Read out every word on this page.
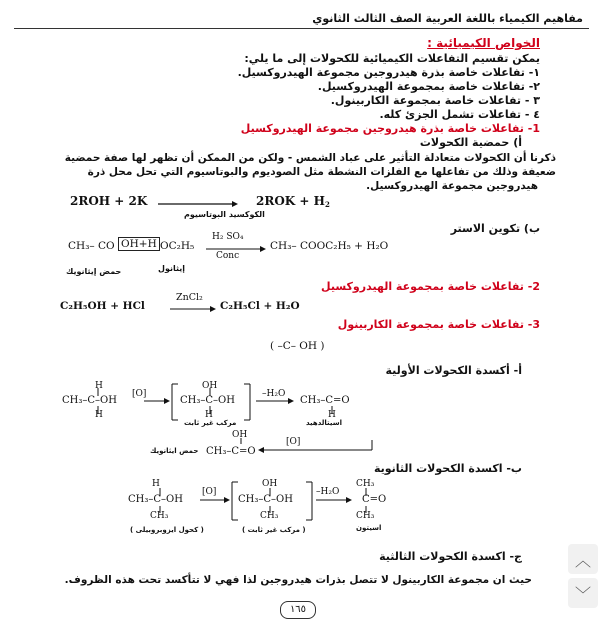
مفاهيم الكيمياء باللغة العربية الصف الثالث الثانوي
الخواص الكيميائية :
يمكن تقسيم التفاعلات الكيميائية للكحولات إلى ما يلي:
١- تفاعلات خاصة بذرة هيدروجين مجموعة الهيدروكسيل.
٢- تفاعلات خاصة بمجموعة الهيدروكسيل.
٣ - تفاعلات خاصة بمجموعة الكاربينول.
٤ - تفاعلات تشمل الجزئ كله.
1- تفاعلات خاصة بذرة هيدروجين مجموعة الهيدروكسيل
أ) حمضية الكحولات
ذكرنا أن الكحولات متعادلة التأثير على عباد الشمس - ولكن من الممكن أن تظهر لها صفة حمضية
ضعيفة وذلك من تفاعلها مع الفلزات النشطة مثل الصوديوم والبوتاسيوم التي تحل محل ذرة
هيدروجين مجموعة الهيدروكسيل.
2ROH + 2K	$2ROK + H_2$
الكوكسيد البوتاسيوم
ب) تكوين الاستر
CH₃– CO OH+H OC₂H₅
H₂ SO₄
Conc
CH₃– COOC₂H₅ + H₂O
حمض إيثانويك	إيثانول
2- تفاعلات خاصة بمجموعة الهيدروكسيل
C₂H₅OH + HCl
ZnCl₂
C₂H₅Cl + H₂O
3- تفاعلات خاصة بمجموعة الكاربينول
( –C– OH )
أ- أكسدة الكحولات الأولية
H
CH₃–C–OH
H
[O]
OH
CH₃–C–OH
H
–H₂O
CH₃–C=O
H
مركب غير ثابت	اسيتالدهيد
OH
[O]
CH₃–C=O
حمض ايثانويك
ب- اكسدة الكحولات الثانوية
H
CH₃–C–OH
CH₃
[O]
OH
CH₃–C–OH
CH₃
–H₂O
CH₃
C=O
CH₃
( كحول ايزوبروبيلى )	( مركب غير ثابت )	اسيتون
ج- اكسدة الكحولات الثالثية
حيث ان مجموعة الكاربينول لا تتصل بذرات هيدروجين لذا فهي لا تتأكسد تحت هذه الظروف.
١٦٥
︿
﹀
